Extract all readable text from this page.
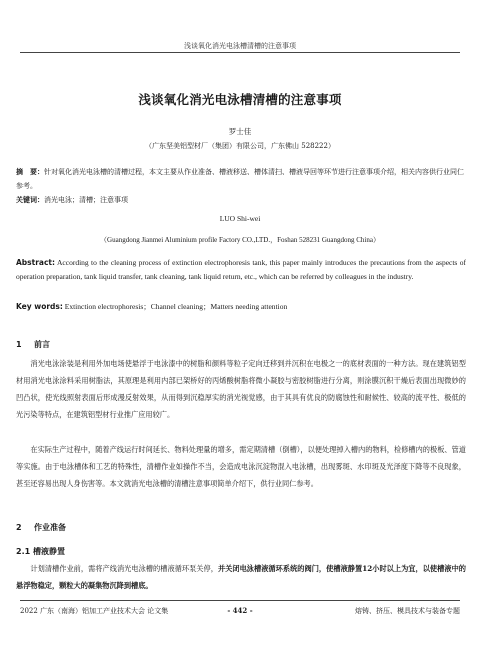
浅谈氧化消光电泳槽清槽的注意事项
浅谈氧化消光电泳槽清槽的注意事项
罗士佳
（广东坚美铝型材厂（集团）有限公司，广东佛山 528222）
摘　要：针对氧化消光电泳槽的清槽过程，本文主要从作业准备、槽液移送、槽体清扫、槽液导回等环节进行注意事项介绍，相关内容供行业同仁参考。
关键词：消光电泳；清槽；注意事项
LUO Shi-wei
（Guangdong Jianmei Aluminium profile Factory CO.,LTD.，Foshan 528231 Guangdong China）
Abstract: According to the cleaning process of extinction electrophoresis tank, this paper mainly introduces the precautions from the aspects of operation preparation, tank liquid transfer, tank cleaning, tank liquid return, etc., which can be referred by colleagues in the industry.
Key words: Extinction electrophoresis；Channel cleaning；Matters needing attention
1 前言
消光电泳涂装是利用外加电场使悬浮于电泳漆中的树脂和颜料等粒子定向迁移到并沉积在电极之一的底材表面的一种方法。现在建筑铝型材用消光电泳涂料采用树脂法，其原理是利用内部已架桥好的丙烯酸树脂将微小凝胶与密胶树脂进行分离，则涂膜沉积干燥后表面出现微妙的凹凸状，使光线照射表面后形成漫反射效果，从而得到沉稳厚实的消光视觉感，由于其具有优良的防腐蚀性和耐候性、较高的流平性、极低的光污染等特点，在建筑铝型材行业推广应用较广。
在实际生产过程中，随着产线运行时间延长、物料处理量的增多，需定期清槽（倒槽），以便处理掉入槽内的物料，检修槽内的极板、管道等实施。由于电泳槽体和工艺的特殊性，清槽作业如操作不当，会造成电泳沉淀物混入电泳槽，出现雾斑、水印斑及光泽度下降等不良现象，甚至还容易出现人身伤害等。本文就消光电泳槽的清槽注意事项简单介绍下，供行业同仁参考。
2 作业准备
2.1 槽液静置
计划清槽作业前，需将产线消光电泳槽的槽液循环泵关停，并关闭电泳槽液循环系统的阀门，使槽液静置12小时以上为宜，以使槽液中的悬浮物稳定，颗粒大的凝集物沉降到槽底。
2022 广东（南海）铝加工产业技术大会 论文集	- 442 -	熔铸、挤压、模具技术与装备专题
